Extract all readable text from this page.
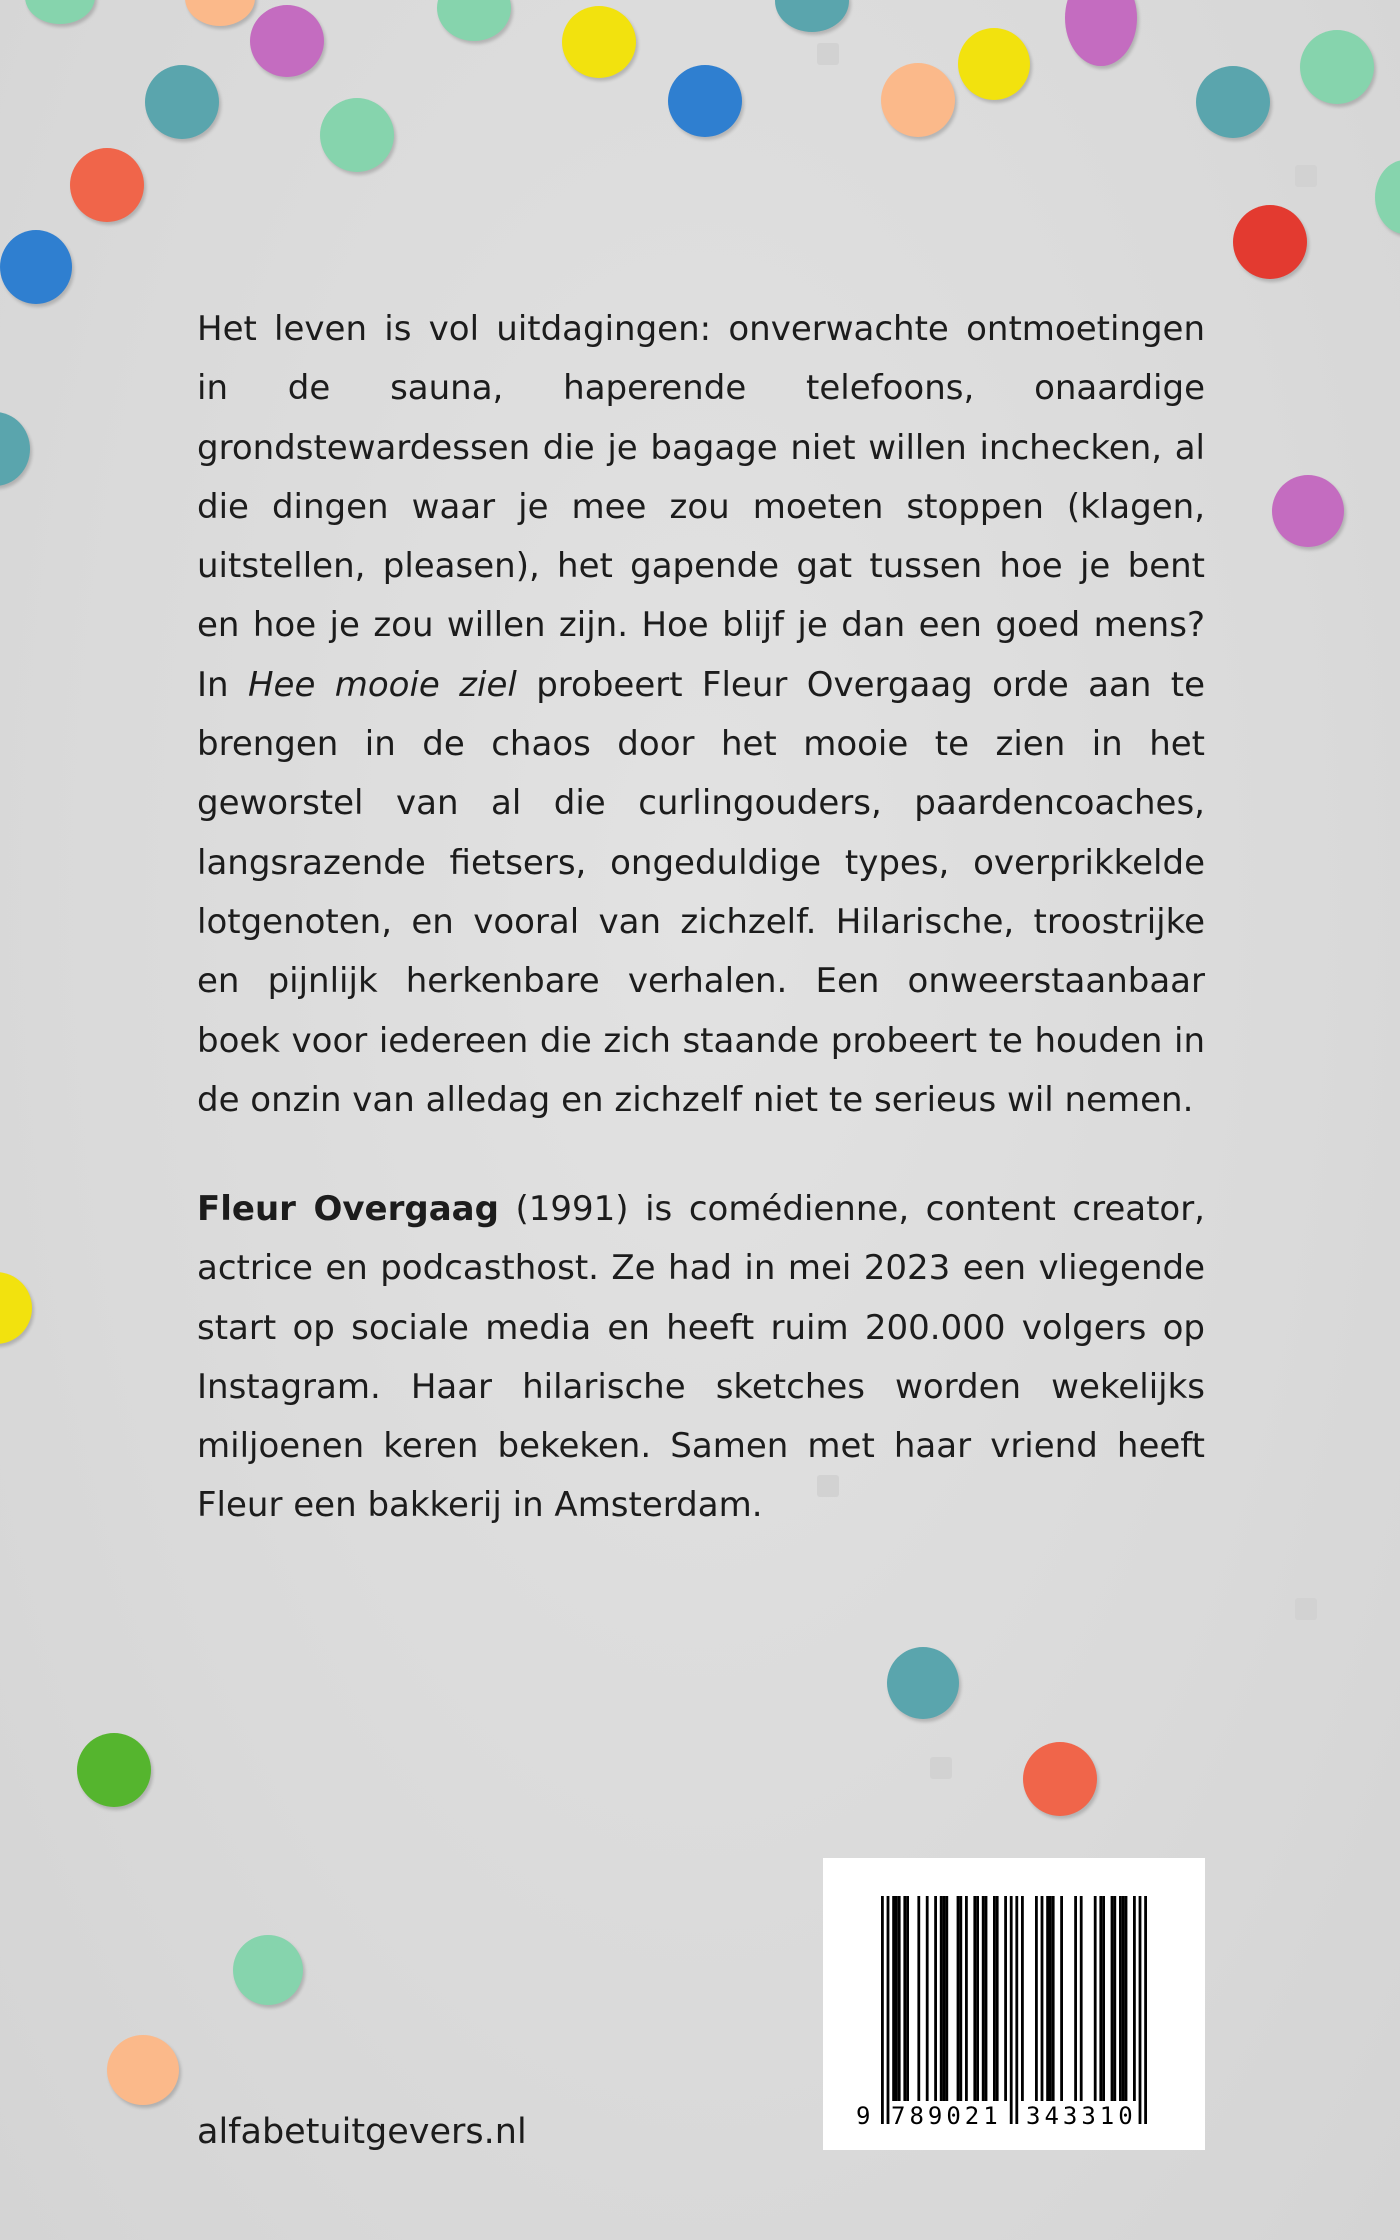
Het leven is vol uitdagingen: onverwachte ontmoetingen in de sauna, haperende telefoons, onaardige grondstewardessen die je bagage niet willen inchecken, al die dingen waar je mee zou moeten stoppen (klagen, uitstellen, pleasen), het gapende gat tussen hoe je bent en hoe je zou willen zijn. Hoe blijf je dan een goed mens? In Hee mooie ziel probeert Fleur Overgaag orde aan te brengen in de chaos door het mooie te zien in het geworstel van al die curlingouders, paardencoaches, langsrazende fietsers, ongeduldige types, overprikkelde lotgenoten, en vooral van zichzelf. Hilarische, troostrijke en pijnlijk herkenbare verhalen. Een onweerstaanbaar boek voor iedereen die zich staande probeert te houden in de onzin van alledag en zichzelf niet te serieus wil nemen.

Fleur Overgaag (1991) is comédienne, content creator, actrice en podcasthost. Ze had in mei 2023 een vliegende start op sociale media en heeft ruim 200.000 volgers op Instagram. Haar hilarische sketches worden wekelijks miljoenen keren bekeken. Samen met haar vriend heeft Fleur een bakkerij in Amsterdam.

alfabetuitgevers.nl	9 789021 343310
